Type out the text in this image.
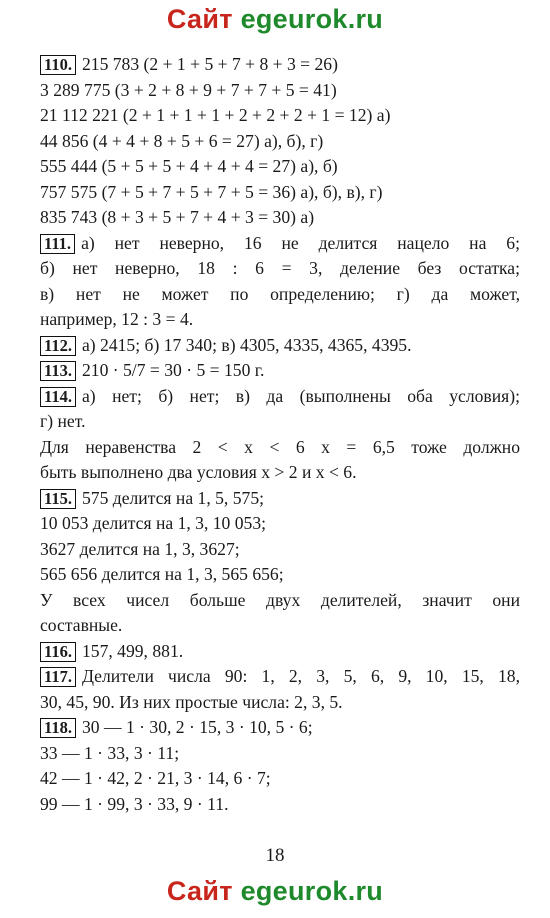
Сайт egeurok.ru
110. 215 783 (2 + 1 + 5 + 7 + 8 + 3 = 26)
3 289 775 (3 + 2 + 8 + 9 + 7 + 7 + 5 = 41)
21 112 221 (2 + 1 + 1 + 1 + 2 + 2 + 2 + 1 = 12) а)
44 856 (4 + 4 + 8 + 5 + 6 = 27) а), б), г)
555 444 (5 + 5 + 5 + 4 + 4 + 4 = 27) а), б)
757 575 (7 + 5 + 7 + 5 + 7 + 5 = 36) а), б), в), г)
835 743 (8 + 3 + 5 + 7 + 4 + 3 = 30) а)
111. а) нет неверно, 16 не делится нацело на 6;
б) нет неверно, 18 : 6 = 3, деление без остатка;
в) нет не может по определению; г) да может,
например, 12 : 3 = 4.
112. а) 2415; б) 17 340; в) 4305, 4335, 4365, 4395.
113. 210 · 5/7 = 30 · 5 = 150 г.
114. а) нет; б) нет; в) да (выполнены оба условия);
г) нет.
Для неравенства 2 < x < 6 x = 6,5 тоже должно
быть выполнено два условия x > 2 и x < 6.
115. 575 делится на 1, 5, 575;
10 053 делится на 1, 3, 10 053;
3627 делится на 1, 3, 3627;
565 656 делится на 1, 3, 565 656;
У всех чисел больше двух делителей, значит они
составные.
116. 157, 499, 881.
117. Делители числа 90: 1, 2, 3, 5, 6, 9, 10, 15, 18,
30, 45, 90. Из них простые числа: 2, 3, 5.
118. 30 — 1 · 30, 2 · 15, 3 · 10, 5 · 6;
33 — 1 · 33, 3 · 11;
42 — 1 · 42, 2 · 21, 3 · 14, 6 · 7;
99 — 1 · 99, 3 · 33, 9 · 11.
18
Сайт egeurok.ru
